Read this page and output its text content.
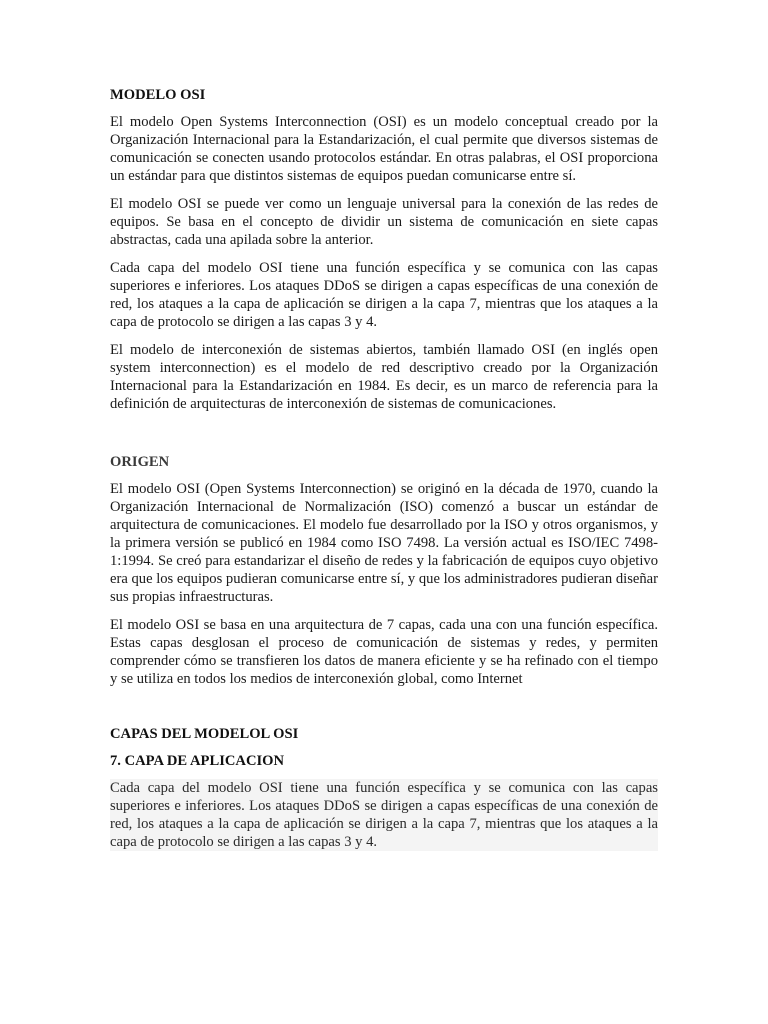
MODELO OSI

El modelo Open Systems Interconnection (OSI) es un modelo conceptual creado por la Organización Internacional para la Estandarización, el cual permite que diversos sistemas de comunicación se conecten usando protocolos estándar. En otras palabras, el OSI proporciona un estándar para que distintos sistemas de equipos puedan comunicarse entre sí.

El modelo OSI se puede ver como un lenguaje universal para la conexión de las redes de equipos. Se basa en el concepto de dividir un sistema de comunicación en siete capas abstractas, cada una apilada sobre la anterior.

Cada capa del modelo OSI tiene una función específica y se comunica con las capas superiores e inferiores. Los ataques DDoS se dirigen a capas específicas de una conexión de red, los ataques a la capa de aplicación se dirigen a la capa 7, mientras que los ataques a la capa de protocolo se dirigen a las capas 3 y 4.

El modelo de interconexión de sistemas abiertos, también llamado OSI (en inglés open system interconnection) es el modelo de red descriptivo creado por la Organización Internacional para la Estandarización en 1984. Es decir, es un marco de referencia para la definición de arquitecturas de interconexión de sistemas de comunicaciones.

ORIGEN

El modelo OSI (Open Systems Interconnection) se originó en la década de 1970, cuando la Organización Internacional de Normalización (ISO) comenzó a buscar un estándar de arquitectura de comunicaciones. El modelo fue desarrollado por la ISO y otros organismos, y la primera versión se publicó en 1984 como ISO 7498. La versión actual es ISO/IEC 7498-1:1994. Se creó para estandarizar el diseño de redes y la fabricación de equipos cuyo objetivo era que los equipos pudieran comunicarse entre sí, y que los administradores pudieran diseñar sus propias infraestructuras.

El modelo OSI se basa en una arquitectura de 7 capas, cada una con una función específica. Estas capas desglosan el proceso de comunicación de sistemas y redes, y permiten comprender cómo se transfieren los datos de manera eficiente y se ha refinado con el tiempo y se utiliza en todos los medios de interconexión global, como Internet

CAPAS DEL MODELOL OSI
7. CAPA DE APLICACION

Cada capa del modelo OSI tiene una función específica y se comunica con las capas superiores e inferiores. Los ataques DDoS se dirigen a capas específicas de una conexión de red, los ataques a la capa de aplicación se dirigen a la capa 7, mientras que los ataques a la capa de protocolo se dirigen a las capas 3 y 4.
